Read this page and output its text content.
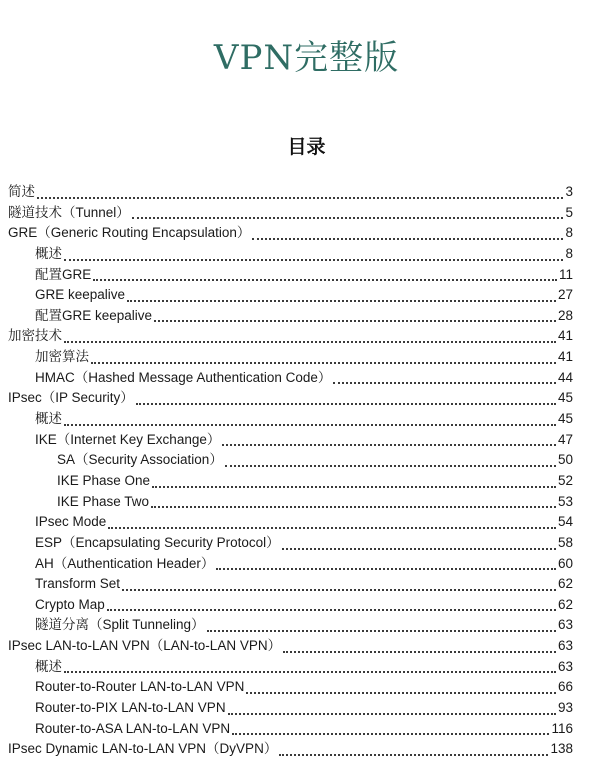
VPN完整版
目录
简述	3
隧道技术（Tunnel）	5
GRE（Generic Routing Encapsulation）	8
概述	8
配置GRE	11
GRE keepalive	27
配置GRE keepalive	28
加密技术	41
加密算法	41
HMAC（Hashed Message Authentication Code）	44
IPsec（IP Security）	45
概述	45
IKE（Internet Key Exchange）	47
SA（Security Association）	50
IKE Phase One	52
IKE Phase Two	53
IPsec Mode	54
ESP（Encapsulating Security Protocol）	58
AH（Authentication Header）	60
Transform Set	62
Crypto Map	62
隧道分离（Split Tunneling）	63
IPsec LAN-to-LAN VPN（LAN-to-LAN VPN）	63
概述	63
Router-to-Router LAN-to-LAN VPN	66
Router-to-PIX LAN-to-LAN VPN	93
Router-to-ASA LAN-to-LAN VPN	116
IPsec Dynamic LAN-to-LAN VPN（DyVPN）	138
